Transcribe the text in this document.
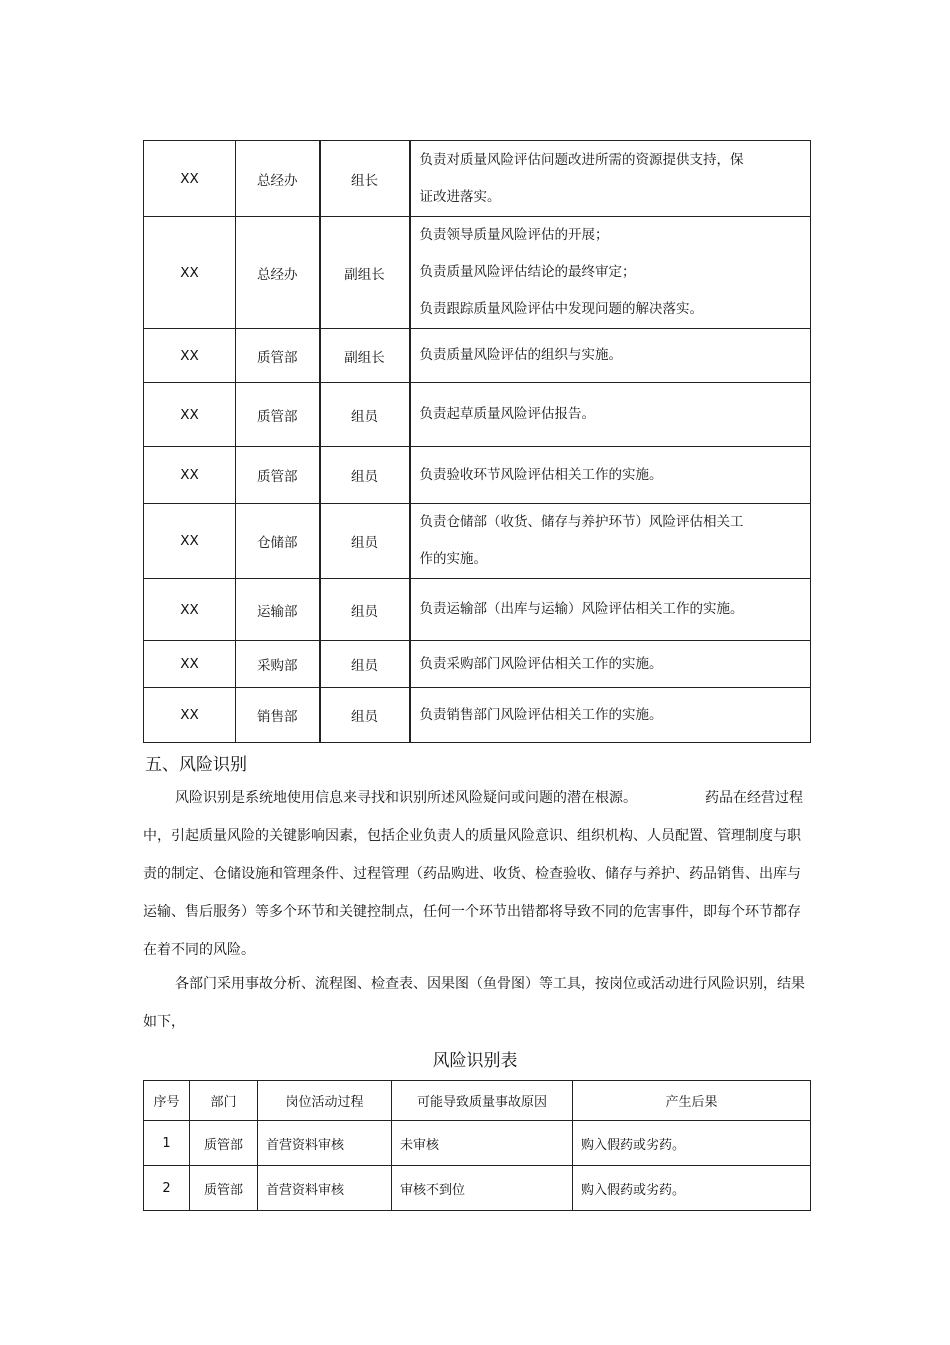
XX	总经办	组长	负责对质量风险评估问题改进所需的资源提供支持，保
证改进落实。

XX	总经办	副组长	负责领导质量风险评估的开展；
负责质量风险评估结论的最终审定；
负责跟踪质量风险评估中发现问题的解决落实。

XX	质管部	副组长	负责质量风险评估的组织与实施。

XX	质管部	组员	负责起草质量风险评估报告。

XX	质管部	组员	负责验收环节风险评估相关工作的实施。

XX	仓储部	组员	负责仓储部（收货、储存与养护环节）风险评估相关工
作的实施。

XX	运输部	组员	负责运输部（出库与运输）风险评估相关工作的实施。

XX	采购部	组员	负责采购部门风险评估相关工作的实施。

XX	销售部	组员	负责销售部门风险评估相关工作的实施。
五、风险识别

风险识别是系统地使用信息来寻找和识别所述风险疑问或问题的潜在根源。	药品在经营过程中，引起质量风险的关键影响因素，包括企业负责人的质量风险意识、组织机构、人员配置、管理制度与职责的制定、仓储设施和管理条件、过程管理（药品购进、收货、检查验收、储存与养护、药品销售、出库与运输、售后服务）等多个环节和关键控制点，任何一个环节出错都将导致不同的危害事件，即每个环节都存在着不同的风险。

各部门采用事故分析、流程图、检查表、因果图（鱼骨图）等工具，按岗位或活动进行风险识别，结果如下，

风险识别表
序号	部门	岗位活动过程	可能导致质量事故原因	产生后果
1	质管部	首营资料审核	未审核	购入假药或劣药。
2	质管部	首营资料审核	审核不到位	购入假药或劣药。
